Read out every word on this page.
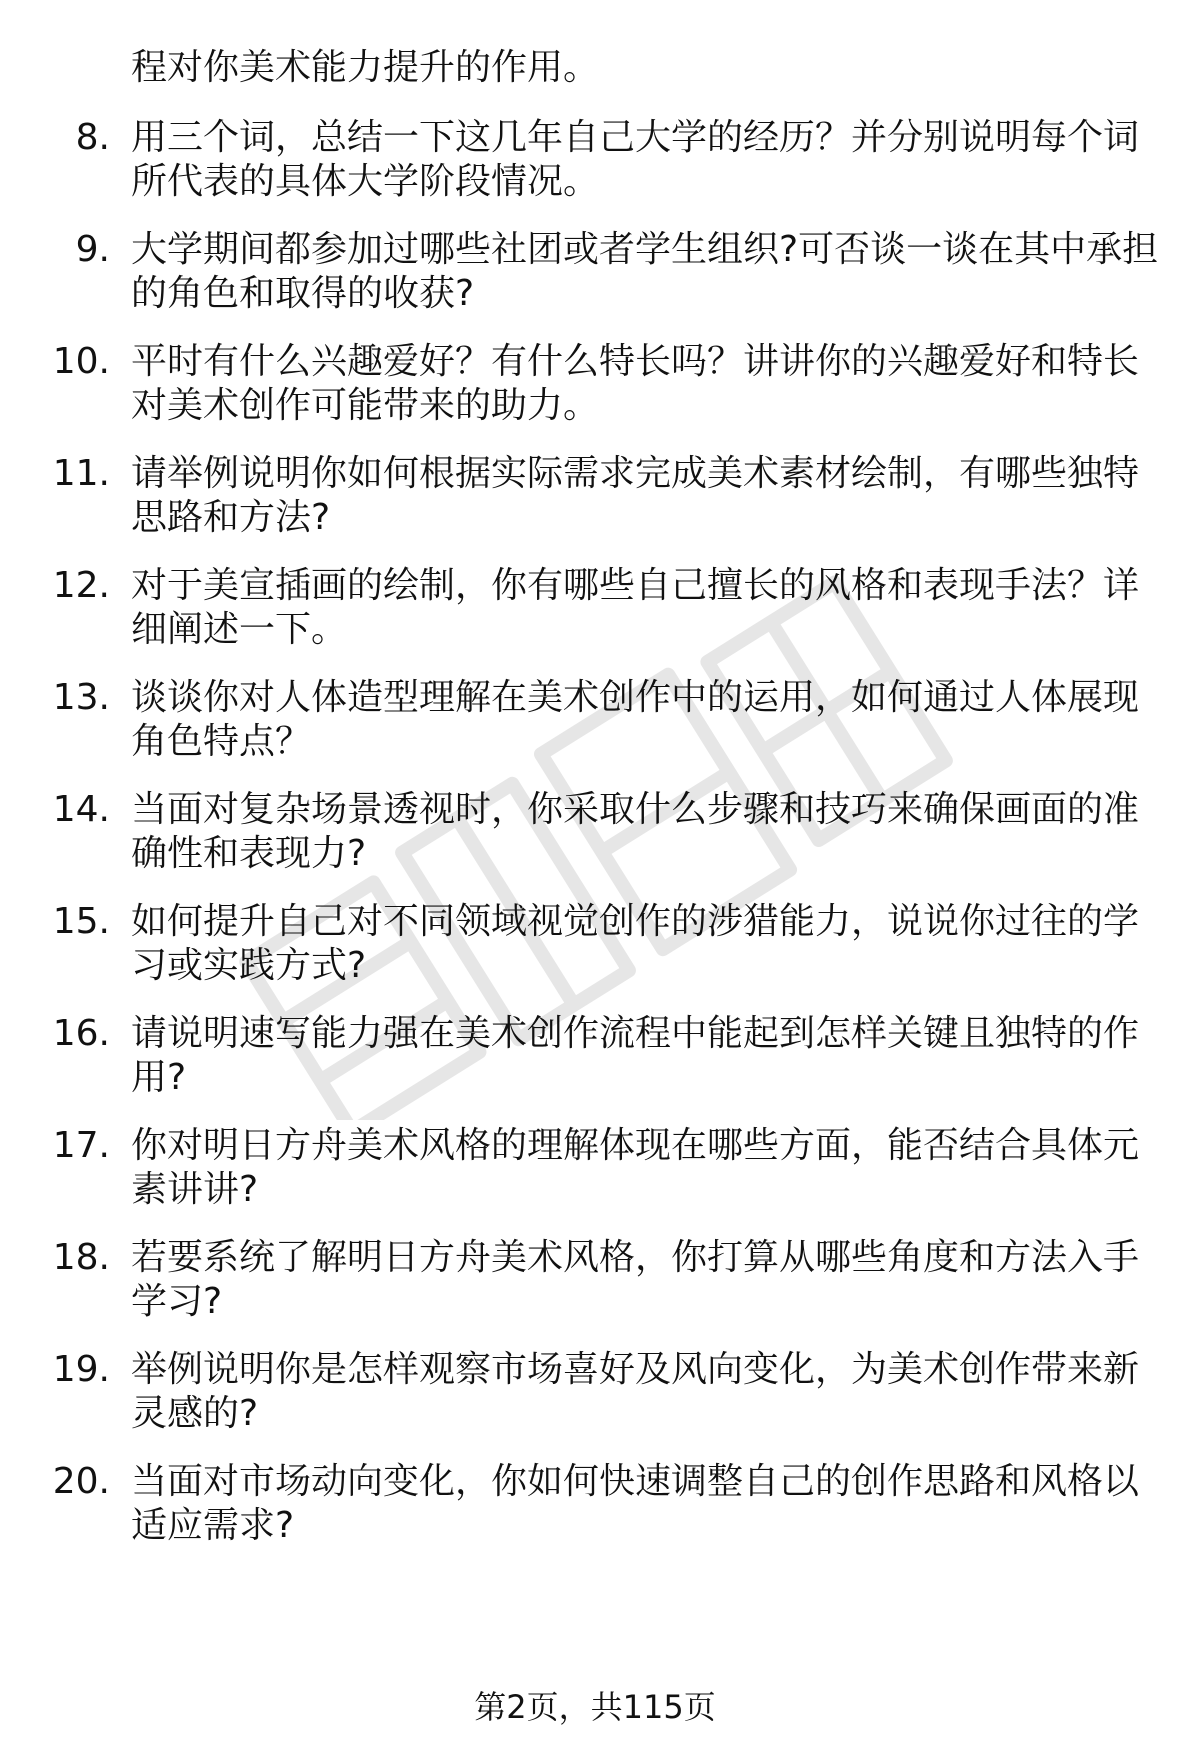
程对你美术能力提升的作用。
8. 用三个词，总结一下这几年自己大学的经历？并分别说明每个词
所代表的具体大学阶段情况。
9. 大学期间都参加过哪些社团或者学生组织?可否谈一谈在其中承担
的角色和取得的收获?
10. 平时有什么兴趣爱好？有什么特长吗？讲讲你的兴趣爱好和特长
对美术创作可能带来的助力。
11. 请举例说明你如何根据实际需求完成美术素材绘制，有哪些独特
思路和方法?
12. 对于美宣插画的绘制，你有哪些自己擅长的风格和表现手法？详
细阐述一下。
13. 谈谈你对人体造型理解在美术创作中的运用，如何通过人体展现
角色特点？
14. 当面对复杂场景透视时，你采取什么步骤和技巧来确保画面的准
确性和表现力?
15. 如何提升自己对不同领域视觉创作的涉猎能力，说说你过往的学
习或实践方式?
16. 请说明速写能力强在美术创作流程中能起到怎样关键且独特的作
用?
17. 你对明日方舟美术风格的理解体现在哪些方面，能否结合具体元
素讲讲?
18. 若要系统了解明日方舟美术风格，你打算从哪些角度和方法入手
学习?
19. 举例说明你是怎样观察市场喜好及风向变化，为美术创作带来新
灵感的?
20. 当面对市场动向变化，你如何快速调整自己的创作思路和风格以
适应需求?
第2页，共115页
